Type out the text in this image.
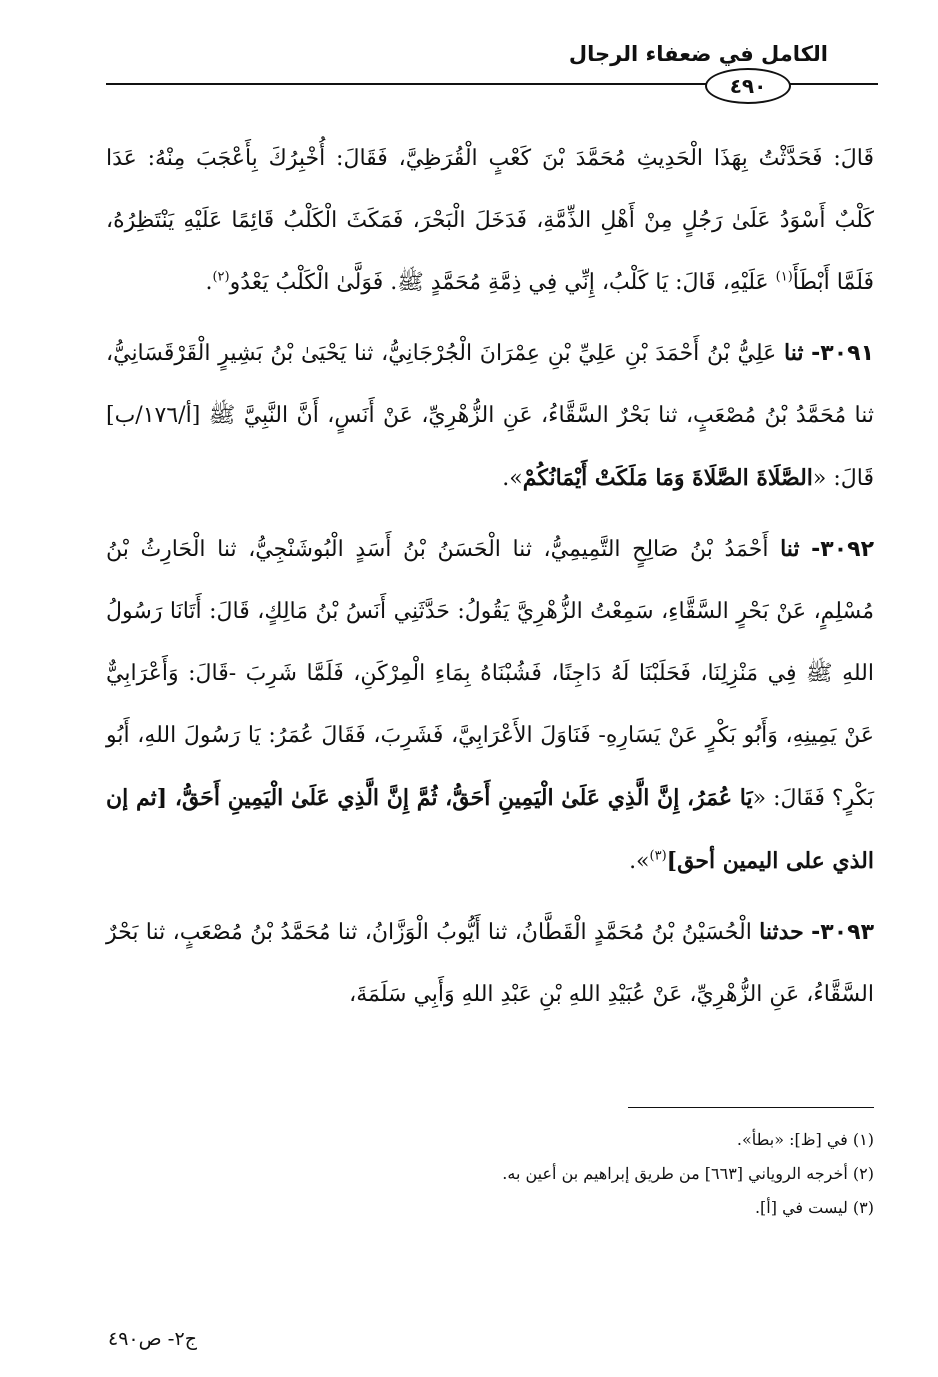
الكامل في ضعفاء الرجال
٤٩٠

قَالَ: فَحَدَّثْتُ بِهَذَا الْحَدِيثِ مُحَمَّدَ بْنَ كَعْبٍ الْقُرَظِيَّ، فَقَالَ: أُخْبِرُكَ بِأَعْجَبَ مِنْهُ: عَدَا كَلْبٌ أَسْوَدُ عَلَىٰ رَجُلٍ مِنْ أَهْلِ الذِّمَّةِ، فَدَخَلَ الْبَحْرَ، فَمَكَثَ الْكَلْبُ قَائِمًا عَلَيْهِ يَنْتَظِرُهُ، فَلَمَّا أَبْطَأَ$^{(١)}$ عَلَيْهِ، قَالَ: يَا كَلْبُ، إِنِّي فِي ذِمَّةِ مُحَمَّدٍ ﷺ. فَوَلَّىٰ الْكَلْبُ يَعْدُو$^{(٢)}$.

٣٠٩١- ثنا عَلِيُّ بْنُ أَحْمَدَ بْنِ عَلِيِّ بْنِ عِمْرَانَ الْجُرْجَانِيُّ، ثنا يَحْيَىٰ بْنُ بَشِيرٍ الْقَرْقَسَانِيُّ، ثنا مُحَمَّدُ بْنُ مُصْعَبٍ، ثنا بَحْرٌ السَّقَّاءُ، عَنِ الزُّهْرِيِّ، عَنْ أَنَسٍ، أَنَّ النَّبِيَّ ﷺ [أ/١٧٦/ب] قَالَ: «الصَّلَاةَ الصَّلَاةَ وَمَا مَلَكَتْ أَيْمَانُكُمْ».

٣٠٩٢- ثنا أَحْمَدُ بْنُ صَالِحٍ التَّمِيمِيُّ، ثنا الْحَسَنُ بْنُ أَسَدٍ الْبُوشَنْجِيُّ، ثنا الْحَارِثُ بْنُ مُسْلِمٍ، عَنْ بَحْرٍ السَّقَّاءِ، سَمِعْتُ الزُّهْرِيَّ يَقُولُ: حَدَّثَنِي أَنَسُ بْنُ مَالِكٍ، قَالَ: أَتَانَا رَسُولُ اللهِ ﷺ فِي مَنْزِلِنَا، فَحَلَبْنَا لَهُ دَاجِنًا، فَشُبْنَاهُ بِمَاءِ الْمِرْكَنِ، فَلَمَّا شَرِبَ -قَالَ: وَأَعْرَابِيٌّ عَنْ يَمِينِهِ، وَأَبُو بَكْرٍ عَنْ يَسَارِهِ- فَنَاوَلَ الأَعْرَابِيَّ، فَشَرِبَ، فَقَالَ عُمَرُ: يَا رَسُولَ اللهِ، أَبُو بَكْرٍ؟ فَقَالَ: «يَا عُمَرُ، إِنَّ الَّذِي عَلَىٰ الْيَمِينِ أَحَقُّ، ثُمَّ إِنَّ الَّذِي عَلَىٰ الْيَمِينِ أَحَقُّ، [ثم إن الذي على اليمين أحق]$^{(٣)}$».

٣٠٩٣- حدثنا الْحُسَيْنُ بْنُ مُحَمَّدٍ الْقَطَّانُ، ثنا أَيُّوبُ الْوَزَّانُ، ثنا مُحَمَّدُ بْنُ مُصْعَبٍ، ثنا بَحْرٌ السَّقَّاءُ، عَنِ الزُّهْرِيِّ، عَنْ عُبَيْدِ اللهِ بْنِ عَبْدِ اللهِ وَأَبِي سَلَمَةَ،

(١) في [ظ]: «بطأ».
(٢) أخرجه الروياني [٦٦٣] من طريق إبراهيم بن أعين به.
(٣) ليست في [أ].
ج٢- ص٤٩٠
